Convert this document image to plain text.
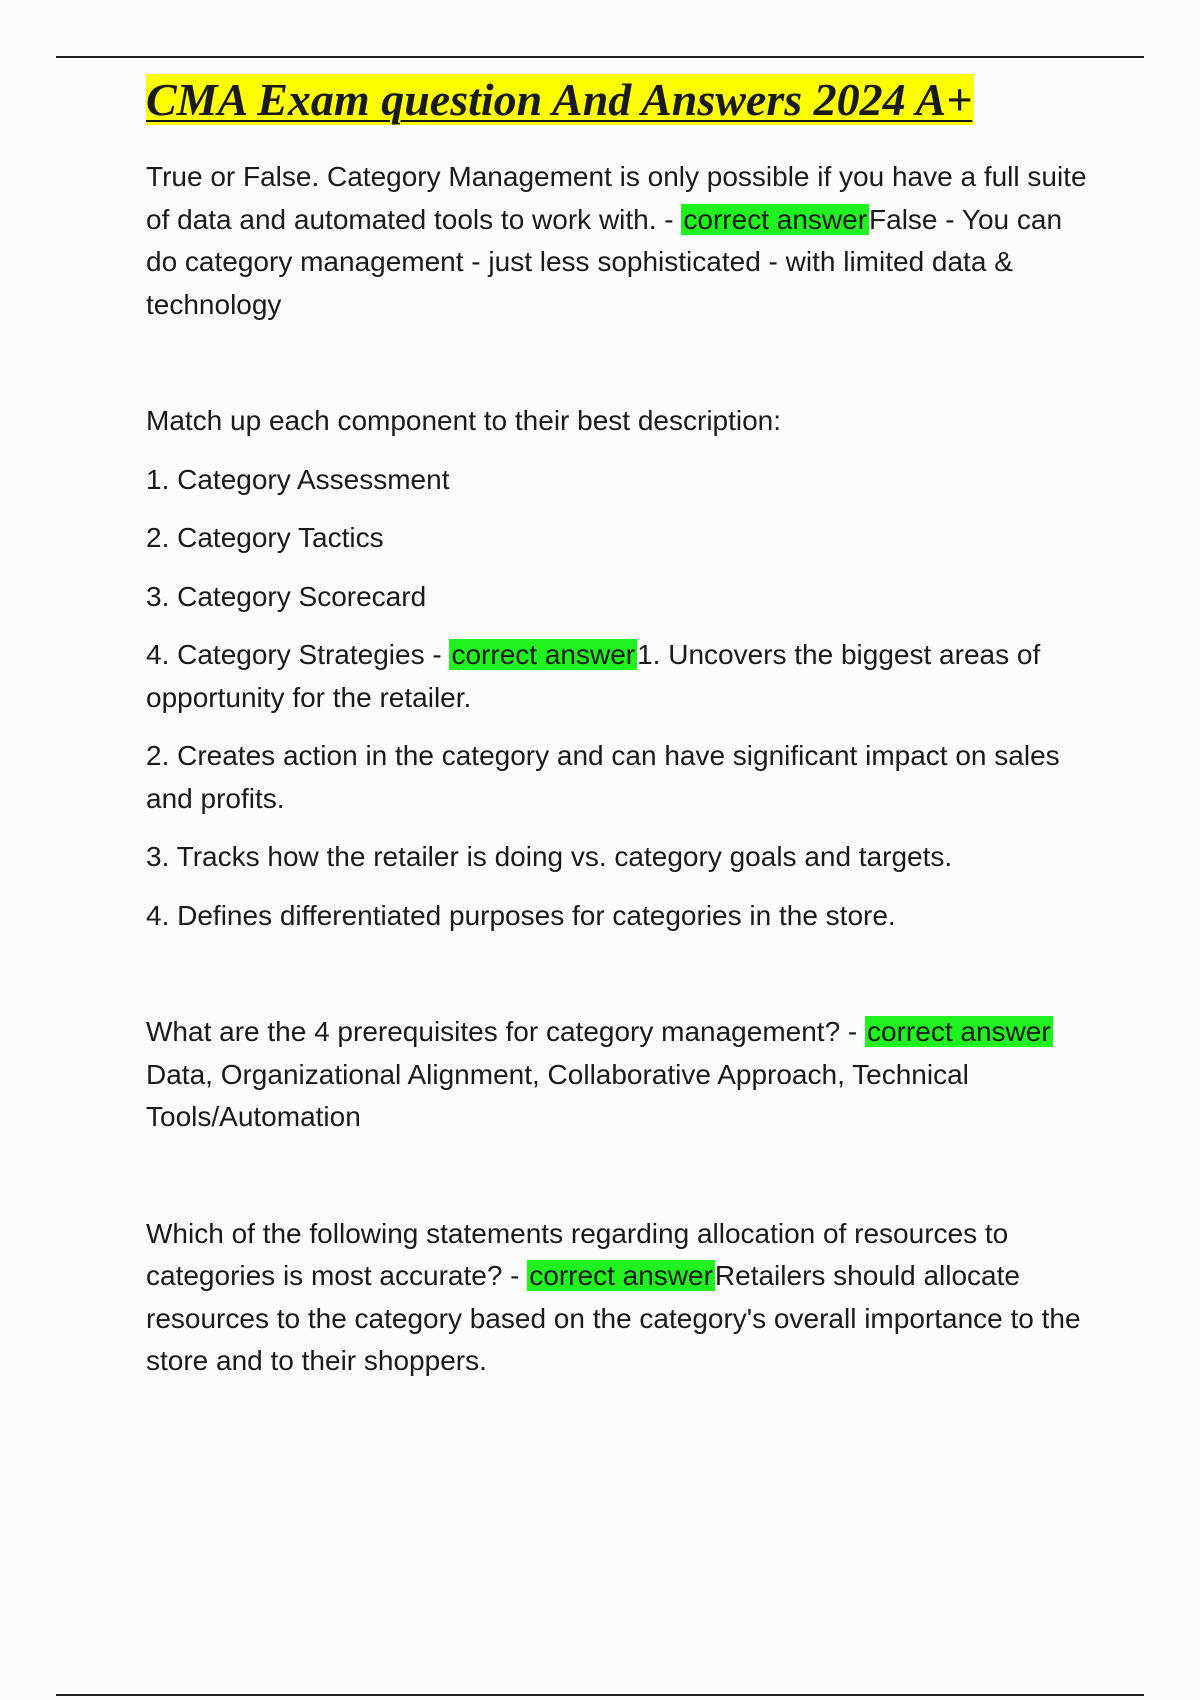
CMA Exam question And Answers 2024 A+

True or False. Category Management is only possible if you have a full suite of data and automated tools to work with. - correct answerFalse - You can do category management - just less sophisticated - with limited data & technology

Match up each component to their best description:

1. Category Assessment

2. Category Tactics

3. Category Scorecard

4. Category Strategies - correct answer1. Uncovers the biggest areas of opportunity for the retailer.

2. Creates action in the category and can have significant impact on sales and profits.

3. Tracks how the retailer is doing vs. category goals and targets.

4. Defines differentiated purposes for categories in the store.

What are the 4 prerequisites for category management? - correct answer Data, Organizational Alignment, Collaborative Approach, Technical Tools/Automation

Which of the following statements regarding allocation of resources to categories is most accurate? - correct answerRetailers should allocate resources to the category based on the category's overall importance to the store and to their shoppers.
